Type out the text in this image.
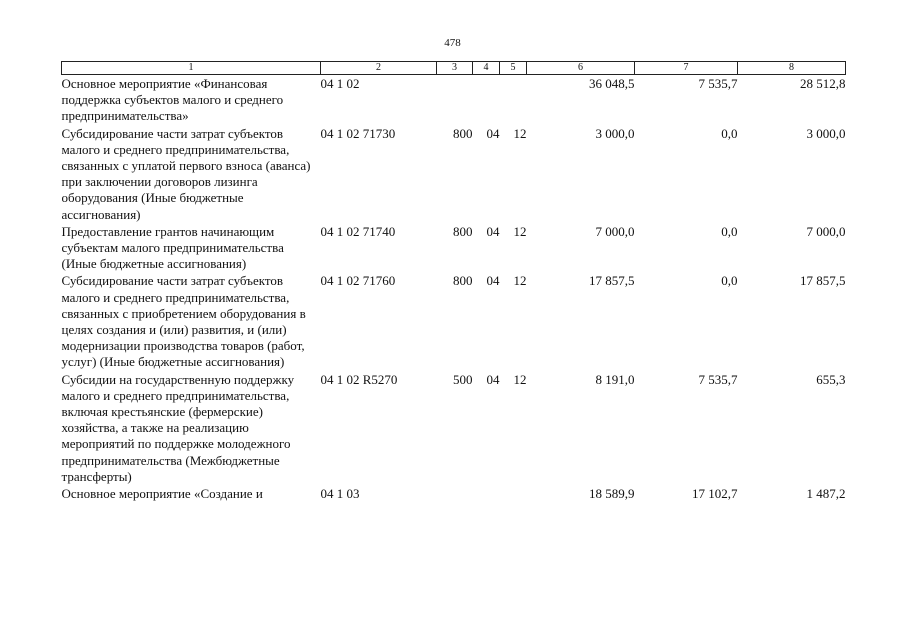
478
1	2	3	4	5	6	7	8
Основное мероприятие «Финансовая поддержка субъектов малого и среднего предпринимательства»	04 1 02				36 048,5	7 535,7	28 512,8
Субсидирование части затрат субъектов малого и среднего предпринимательства, связанных с уплатой первого взноса (аванса) при заключении договоров лизинга оборудования (Иные бюджетные ассигнования)	04 1 02 71730	800	04	12	3 000,0	0,0	3 000,0
Предоставление грантов начинающим субъектам малого предпринимательства (Иные бюджетные ассигнования)	04 1 02 71740	800	04	12	7 000,0	0,0	7 000,0
Субсидирование части затрат субъектов малого и среднего предпринимательства, связанных с приобретением оборудования в целях создания и (или) развития, и (или) модернизации производства товаров (работ, услуг) (Иные бюджетные ассигнования)	04 1 02 71760	800	04	12	17 857,5	0,0	17 857,5
Субсидии на государственную поддержку малого и среднего предпринимательства, включая крестьянские (фермерские) хозяйства, а также на реализацию мероприятий по поддержке молодежного предпринимательства (Межбюджетные трансферты)	04 1 02 R5270	500	04	12	8 191,0	7 535,7	655,3
Основное мероприятие «Создание и	04 1 03				18 589,9	17 102,7	1 487,2
